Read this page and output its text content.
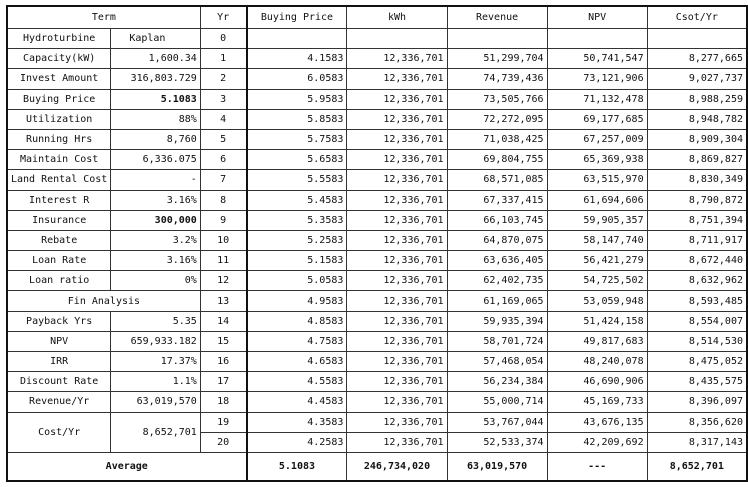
Term		Yr	Buying Price	kWh	Revenue	NPV	Csot/Yr
Hydroturbine	Kaplan	0					
Capacity(kW)	1,600.34	1	4.1583	12,336,701	51,299,704	50,741,547	8,277,665
Invest Amount	316,803.729	2	6.0583	12,336,701	74,739,436	73,121,906	9,027,737
Buying Price	5.1083	3	5.9583	12,336,701	73,505,766	71,132,478	8,988,259
Utilization	88%	4	5.8583	12,336,701	72,272,095	69,177,685	8,948,782
Running Hrs	8,760	5	5.7583	12,336,701	71,038,425	67,257,009	8,909,304
Maintain Cost	6,336.075	6	5.6583	12,336,701	69,804,755	65,369,938	8,869,827
Land Rental Cost	-	7	5.5583	12,336,701	68,571,085	63,515,970	8,830,349
Interest R	3.16%	8	5.4583	12,336,701	67,337,415	61,694,606	8,790,872
Insurance	300,000	9	5.3583	12,336,701	66,103,745	59,905,357	8,751,394
Rebate	3.2%	10	5.2583	12,336,701	64,870,075	58,147,740	8,711,917
Loan Rate	3.16%	11	5.1583	12,336,701	63,636,405	56,421,279	8,672,440
Loan ratio	0%	12	5.0583	12,336,701	62,402,735	54,725,502	8,632,962
Fin Analysis		13	4.9583	12,336,701	61,169,065	53,059,948	8,593,485
Payback Yrs	5.35	14	4.8583	12,336,701	59,935,394	51,424,158	8,554,007
NPV	659,933.182	15	4.7583	12,336,701	58,701,724	49,817,683	8,514,530
IRR	17.37%	16	4.6583	12,336,701	57,468,054	48,240,078	8,475,052
Discount Rate	1.1%	17	4.5583	12,336,701	56,234,384	46,690,906	8,435,575
Revenue/Yr	63,019,570	18	4.4583	12,336,701	55,000,714	45,169,733	8,396,097
Cost/Yr	8,652,701	19	4.3583	12,336,701	53,767,044	43,676,135	8,356,620
		20	4.2583	12,336,701	52,533,374	42,209,692	8,317,143
Average			5.1083	246,734,020	63,019,570	---	8,652,701
